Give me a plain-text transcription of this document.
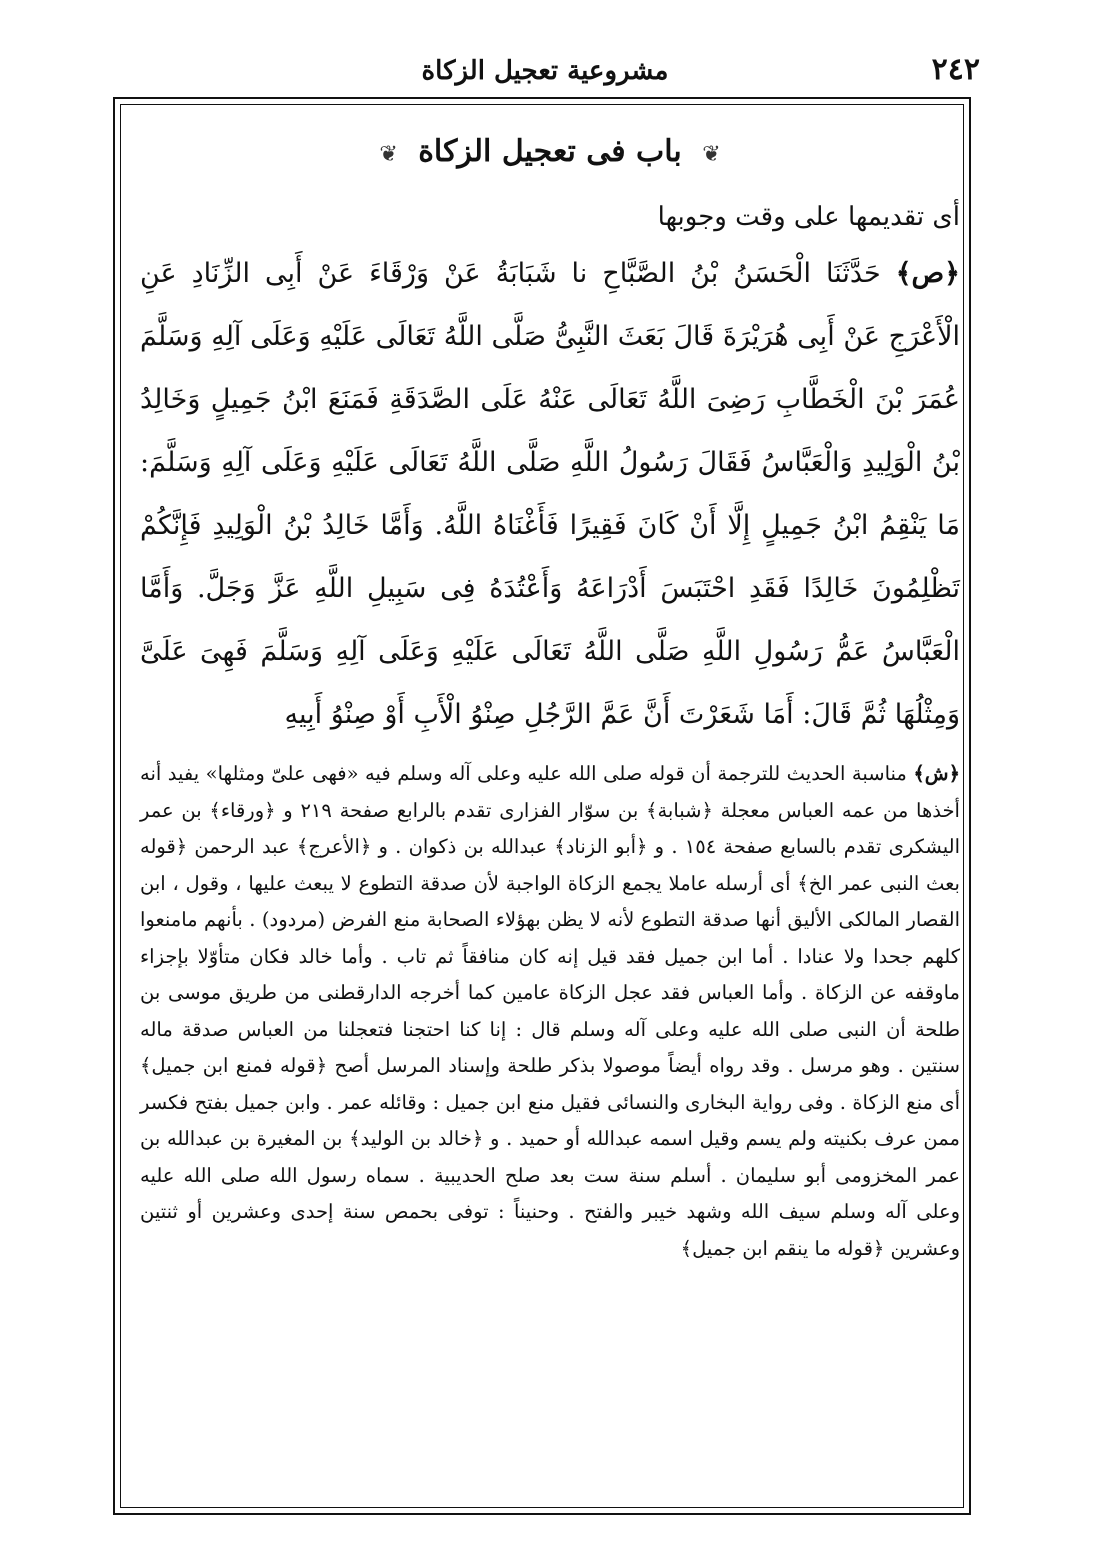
٢٤٢
مشروعية تعجيل الزكاة
❦ باب فى تعجيل الزكاة ❦
أى تقديمها على وقت وجوبها
﴿ص﴾ حَدَّثَنَا الْحَسَنُ بْنُ الصَّبَّاحِ نا شَبَابَةُ عَنْ وَرْقَاءَ عَنْ أَبِى الزِّنَادِ عَنِ الْأَعْرَجِ عَنْ أَبِى هُرَيْرَةَ قَالَ بَعَثَ النَّبِىُّ صَلَّى اللَّهُ تَعَالَى عَلَيْهِ وَعَلَى آلِهِ وَسَلَّمَ عُمَرَ بْنَ الْخَطَّابِ رَضِىَ اللَّهُ تَعَالَى عَنْهُ عَلَى الصَّدَقَةِ فَمَنَعَ ابْنُ جَمِيلٍ وَخَالِدُ بْنُ الْوَلِيدِ وَالْعَبَّاسُ فَقَالَ رَسُولُ اللَّهِ صَلَّى اللَّهُ تَعَالَى عَلَيْهِ وَعَلَى آلِهِ وَسَلَّمَ: مَا يَنْقِمُ ابْنُ جَمِيلٍ إِلَّا أَنْ كَانَ فَقِيرًا فَأَغْنَاهُ اللَّهُ. وَأَمَّا خَالِدُ بْنُ الْوَلِيدِ فَإِنَّكُمْ تَظْلِمُونَ خَالِدًا فَقَدِ احْتَبَسَ أَدْرَاعَهُ وَأَعْتُدَهُ فِى سَبِيلِ اللَّهِ عَزَّ وَجَلَّ. وَأَمَّا الْعَبَّاسُ عَمُّ رَسُولِ اللَّهِ صَلَّى اللَّهُ تَعَالَى عَلَيْهِ وَعَلَى آلِهِ وَسَلَّمَ فَهِىَ عَلَىَّ وَمِثْلُهَا ثُمَّ قَالَ: أَمَا شَعَرْتَ أَنَّ عَمَّ الرَّجُلِ صِنْوُ الْأَبِ أَوْ صِنْوُ أَبِيهِ
﴿ش﴾ مناسبة الحديث للترجمة أن قوله صلى الله عليه وعلى آله وسلم فيه «فهى علىّ ومثلها» يفيد أنه أخذها من عمه العباس معجلة ﴿شبابة﴾ بن سوّار الفزارى تقدم بالرابع صفحة ٢١٩ و ﴿ورقاء﴾ بن عمر اليشكرى تقدم بالسابع صفحة ١٥٤ . و ﴿أبو الزناد﴾ عبدالله بن ذكوان . و ﴿الأعرج﴾ عبد الرحمن ﴿قوله بعث النبى عمر الخ﴾ أى أرسله عاملا يجمع الزكاة الواجبة لأن صدقة التطوع لا يبعث عليها ، وقول ، ابن القصار المالكى الأليق أنها صدقة التطوع لأنه لا يظن بهؤلاء الصحابة منع الفرض (مردود) . بأنهم مامنعوا كلهم جحدا ولا عنادا . أما ابن جميل فقد قيل إنه كان منافقاً ثم تاب . وأما خالد فكان متأوّلا بإجزاء ماوقفه عن الزكاة . وأما العباس فقد عجل الزكاة عامين كما أخرجه الدارقطنى من طريق موسى بن طلحة أن النبى صلى الله عليه وعلى آله وسلم قال : إنا كنا احتجنا فتعجلنا من العباس صدقة ماله سنتين . وهو مرسل . وقد رواه أيضاً موصولا بذكر طلحة وإسناد المرسل أصح ﴿قوله فمنع ابن جميل﴾ أى منع الزكاة . وفى رواية البخارى والنسائى فقيل منع ابن جميل : وقائله عمر . وابن جميل بفتح فكسر ممن عرف بكنيته ولم يسم وقيل اسمه عبدالله أو حميد . و ﴿خالد بن الوليد﴾ بن المغيرة بن عبدالله بن عمر المخزومى أبو سليمان . أسلم سنة ست بعد صلح الحديبية . سماه رسول الله صلى الله عليه وعلى آله وسلم سيف الله وشهد خيبر والفتح . وحنيناً : توفى بحمص سنة إحدى وعشرين أو ثنتين وعشرين ﴿قوله ما ينقم ابن جميل﴾
